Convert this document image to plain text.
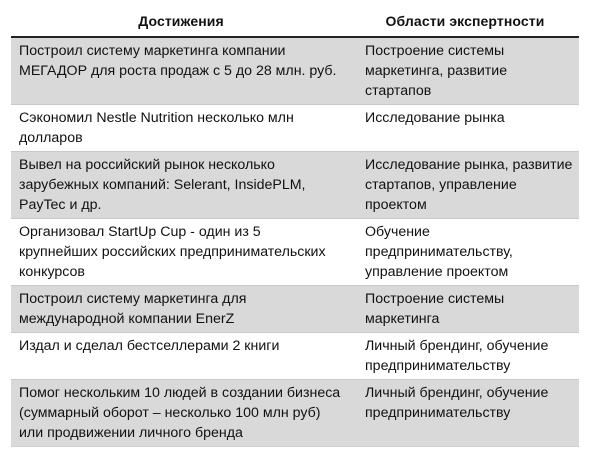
Достижения	Области экспертности
Построил систему маркетинга компании МЕГАДОР для роста продаж с 5 до 28 млн. руб.	Построение системы маркетинга, развитие стартапов
Сэкономил Nestle Nutrition несколько млн долларов	Исследование рынка
Вывел на российский рынок несколько зарубежных компаний: Selerant, InsidePLM, PayTec и др.	Исследование рынка, развитие стартапов, управление проектом
Организовал StartUp Cup - один из 5 крупнейших российских предпринимательских конкурсов	Обучение предпринимательству, управление проектом
Построил систему маркетинга для международной компании EnerZ	Построение системы маркетинга
Издал и сделал бестселлерами 2 книги	Личный брендинг, обучение предпринимательству
Помог нескольким 10 людей в создании бизнеса (суммарный оборот – несколько 100 млн руб) или продвижении личного бренда	Личный брендинг, обучение предпринимательству
